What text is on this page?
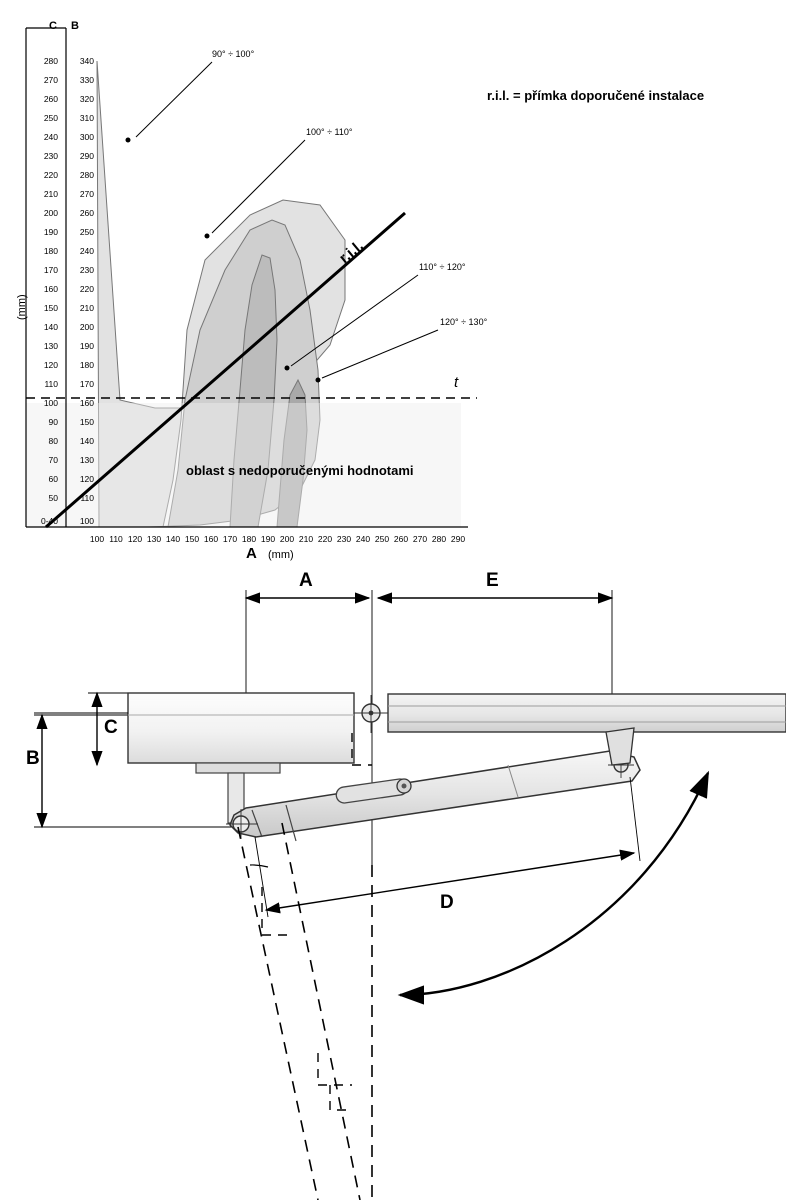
C B
280
270
260
250
240
230
220
210
200
190
180
170
160
150
140
130
120
110
100
90
80
70
60
50
0-40
340
330
320
310
300
290
280
270
260
250
240
230
220
210
200
190
180
170
160
150
140
130
120
110
100
100 110 120 130 140 150 160 170 180 190 200 210 220 230 240 250 260 270 280 290
(mm)
A (mm)
90° ÷ 100°
100° ÷ 110°
110° ÷ 120°
120° ÷ 130°
r.i.l.
t
r.i.l. = přímka doporučené instalace
oblast s nedoporučenými hodnotami
A	E
B
C
D
